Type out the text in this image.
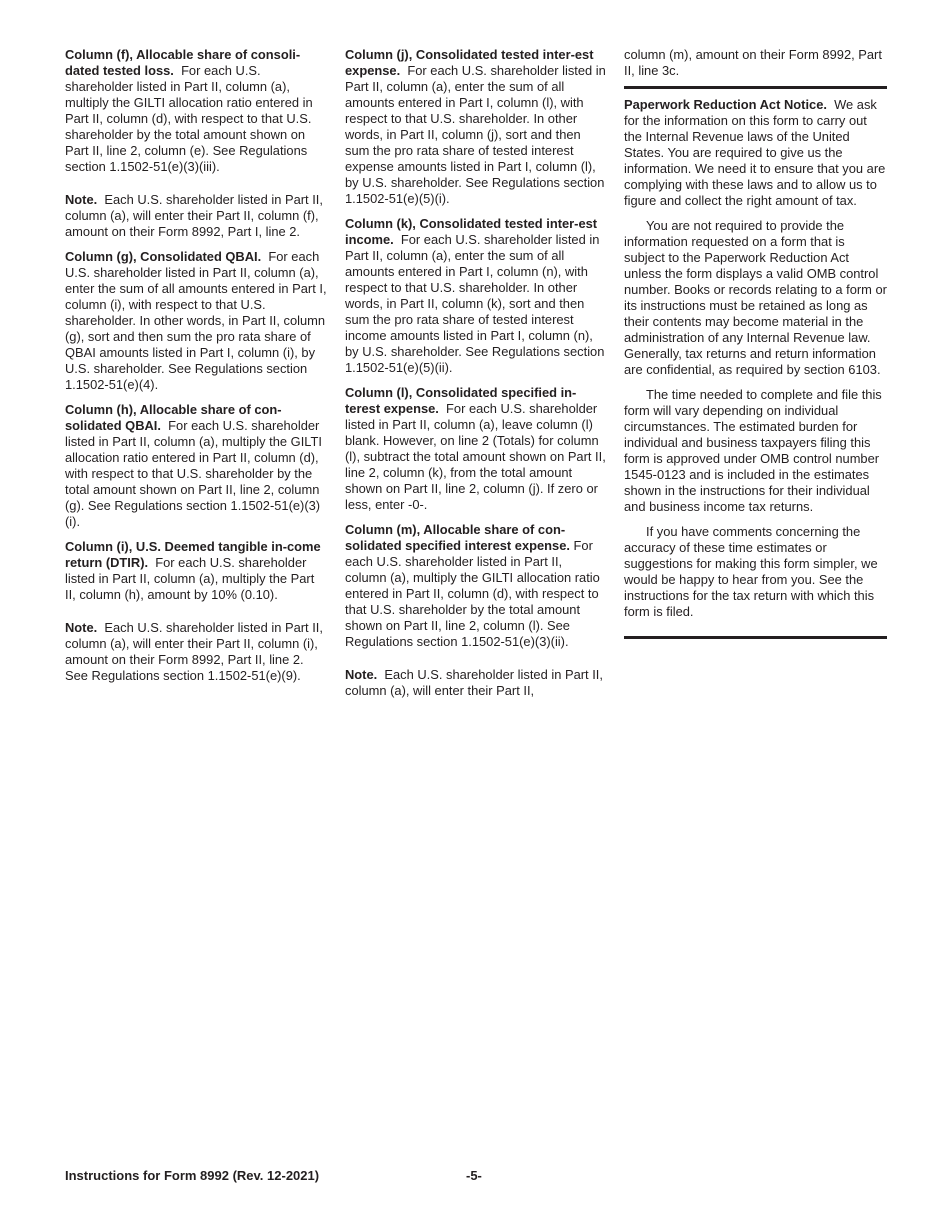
Column (f), Allocable share of consoli-dated tested loss. For each U.S. shareholder listed in Part II, column (a), multiply the GILTI allocation ratio entered in Part II, column (d), with respect to that U.S. shareholder by the total amount shown on Part II, line 2, column (e). See Regulations section 1.1502-51(e)(3)(iii).

Note. Each U.S. shareholder listed in Part II, column (a), will enter their Part II, column (f), amount on their Form 8992, Part I, line 2.

Column (g), Consolidated QBAI. For each U.S. shareholder listed in Part II, column (a), enter the sum of all amounts entered in Part I, column (i), with respect to that U.S. shareholder. In other words, in Part II, column (g), sort and then sum the pro rata share of QBAI amounts listed in Part I, column (i), by U.S. shareholder. See Regulations section 1.1502-51(e)(4).

Column (h), Allocable share of con-solidated QBAI. For each U.S. shareholder listed in Part II, column (a), multiply the GILTI allocation ratio entered in Part II, column (d), with respect to that U.S. shareholder by the total amount shown on Part II, line 2, column (g). See Regulations section 1.1502-51(e)(3)(i).

Column (i), U.S. Deemed tangible in-come return (DTIR). For each U.S. shareholder listed in Part II, column (a), multiply the Part II, column (h), amount by 10% (0.10).

Note. Each U.S. shareholder listed in Part II, column (a), will enter their Part II, column (i), amount on their Form 8992, Part II, line 2. See Regulations section 1.1502-51(e)(9).

Column (j), Consolidated tested inter-est expense. For each U.S. shareholder listed in Part II, column (a), enter the sum of all amounts entered in Part I, column (l), with respect to that U.S. shareholder. In other words, in Part II, column (j), sort and then sum the pro rata share of tested interest expense amounts listed in Part I, column (l), by U.S. shareholder. See Regulations section 1.1502-51(e)(5)(i).

Column (k), Consolidated tested inter-est income. For each U.S. shareholder listed in Part II, column (a), enter the sum of all amounts entered in Part I, column (n), with respect to that U.S. shareholder. In other words, in Part II, column (k), sort and then sum the pro rata share of tested interest income amounts listed in Part I, column (n), by U.S. shareholder. See Regulations section 1.1502-51(e)(5)(ii).

Column (l), Consolidated specified in-terest expense. For each U.S. shareholder listed in Part II, column (a), leave column (l) blank. However, on line 2 (Totals) for column (l), subtract the total amount shown on Part II, line 2, column (k), from the total amount shown on Part II, line 2, column (j). If zero or less, enter -0-.

Column (m), Allocable share of con-solidated specified interest expense. For each U.S. shareholder listed in Part II, column (a), multiply the GILTI allocation ratio entered in Part II, column (d), with respect to that U.S. shareholder by the total amount shown on Part II, line 2, column (l). See Regulations section 1.1502-51(e)(3)(ii).

Note. Each U.S. shareholder listed in Part II, column (a), will enter their Part II,

column (m), amount on their Form 8992, Part II, line 3c.

Paperwork Reduction Act Notice. We ask for the information on this form to carry out the Internal Revenue laws of the United States. You are required to give us the information. We need it to ensure that you are complying with these laws and to allow us to figure and collect the right amount of tax.

You are not required to provide the information requested on a form that is subject to the Paperwork Reduction Act unless the form displays a valid OMB control number. Books or records relating to a form or its instructions must be retained as long as their contents may become material in the administration of any Internal Revenue law. Generally, tax returns and return information are confidential, as required by section 6103.

The time needed to complete and file this form will vary depending on individual circumstances. The estimated burden for individual and business taxpayers filing this form is approved under OMB control number 1545-0123 and is included in the estimates shown in the instructions for their individual and business income tax returns.

If you have comments concerning the accuracy of these time estimates or suggestions for making this form simpler, we would be happy to hear from you. See the instructions for the tax return with which this form is filed.

Instructions for Form 8992 (Rev. 12-2021)	-5-
